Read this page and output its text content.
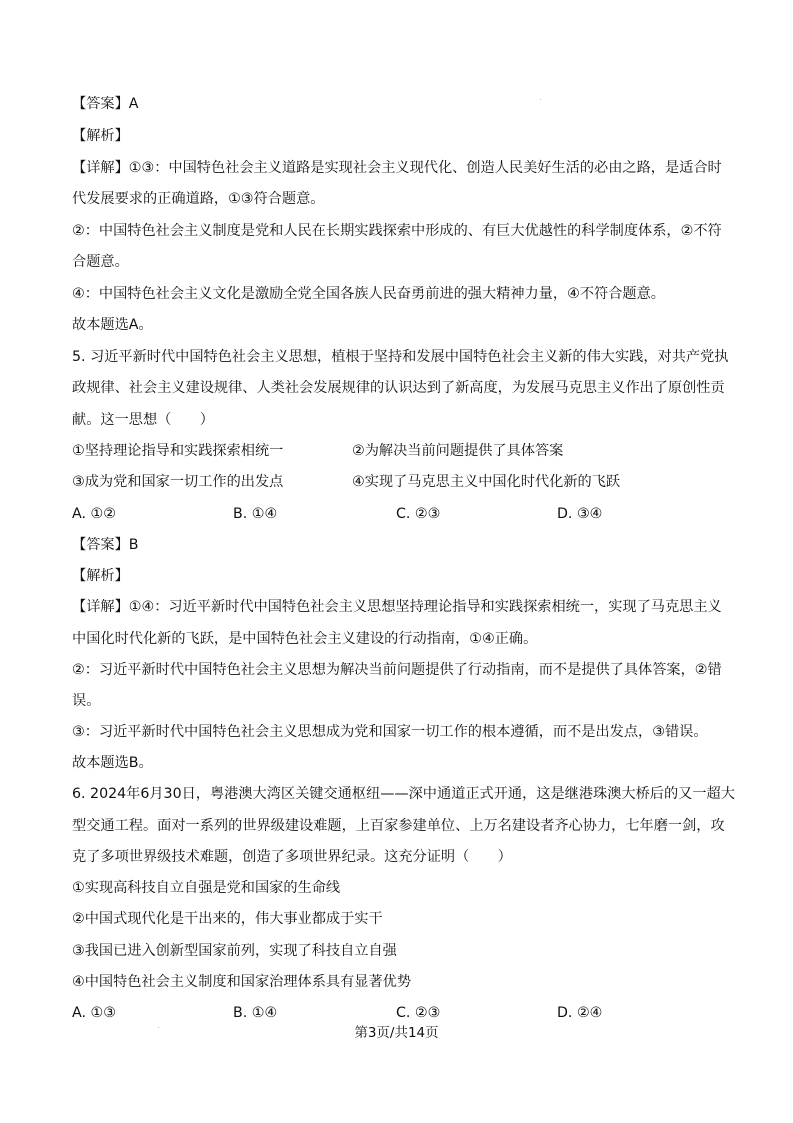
【答案】A
【解析】
【详解】①③：中国特色社会主义道路是实现社会主义现代化、创造人民美好生活的必由之路，是适合时
代发展要求的正确道路，①③符合题意。
②：中国特色社会主义制度是党和人民在长期实践探索中形成的、有巨大优越性的科学制度体系，②不符
合题意。
④：中国特色社会主义文化是激励全党全国各族人民奋勇前进的强大精神力量，④不符合题意。
故本题选A。
5. 习近平新时代中国特色社会主义思想，植根于坚持和发展中国特色社会主义新的伟大实践，对共产党执
政规律、社会主义建设规律、人类社会发展规律的认识达到了新高度，为发展马克思主义作出了原创性贡
献。这一思想（　　）
①坚持理论指导和实践探索相统一	②为解决当前问题提供了具体答案
③成为党和国家一切工作的出发点	④实现了马克思主义中国化时代化新的飞跃
A. ①②	B. ①④	C. ②③	D. ③④
【答案】B
【解析】
【详解】①④：习近平新时代中国特色社会主义思想坚持理论指导和实践探索相统一，实现了马克思主义
中国化时代化新的飞跃，是中国特色社会主义建设的行动指南，①④正确。
②：习近平新时代中国特色社会主义思想为解决当前问题提供了行动指南，而不是提供了具体答案，②错
误。
③：习近平新时代中国特色社会主义思想成为党和国家一切工作的根本遵循，而不是出发点，③错误。
故本题选B。
6. 2024年6月30日，粤港澳大湾区关键交通枢纽——深中通道正式开通，这是继港珠澳大桥后的又一超大
型交通工程。面对一系列的世界级建设难题，上百家参建单位、上万名建设者齐心协力，七年磨一剑，攻
克了多项世界级技术难题，创造了多项世界纪录。这充分证明（　　）
①实现高科技自立自强是党和国家的生命线
②中国式现代化是干出来的，伟大事业都成于实干
③我国已进入创新型国家前列，实现了科技自立自强
④中国特色社会主义制度和国家治理体系具有显著优势
A. ①③	B. ①④	C. ②③	D. ②④
第3页/共14页
